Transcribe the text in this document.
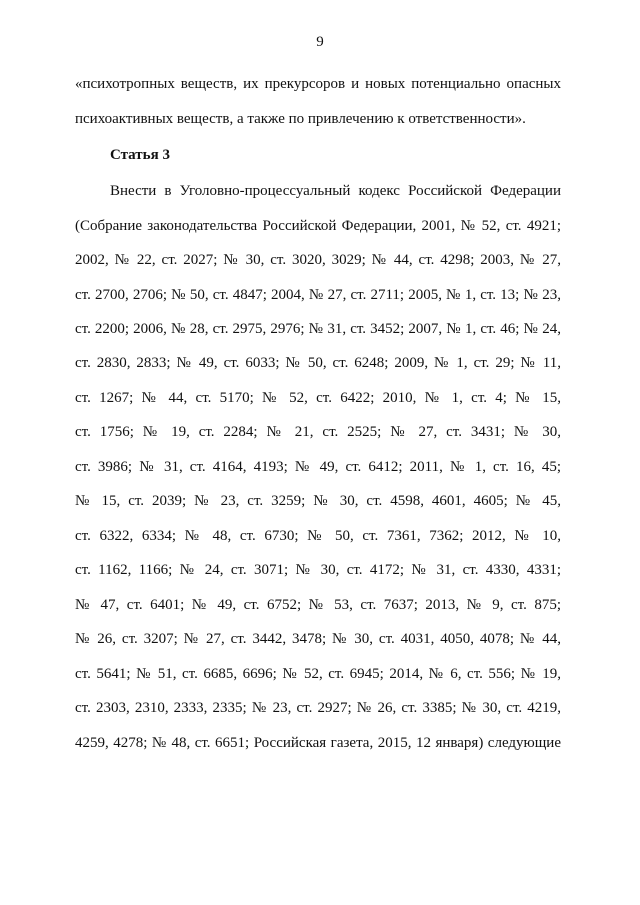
9
«психотропных веществ, их прекурсоров и новых потенциально опасных
психоактивных веществ, а также по привлечению к ответственности».
Статья 3
Внести в Уголовно-процессуальный кодекс Российской Федерации
(Собрание законодательства Российской Федерации, 2001, № 52, ст. 4921;
2002, № 22, ст. 2027; № 30, ст. 3020, 3029; № 44, ст. 4298; 2003, № 27,
ст. 2700, 2706; № 50, ст. 4847; 2004, № 27, ст. 2711; 2005, № 1, ст. 13; № 23,
ст. 2200; 2006, № 28, ст. 2975, 2976; № 31, ст. 3452; 2007, № 1, ст. 46; № 24,
ст. 2830, 2833; № 49, ст. 6033; № 50, ст. 6248; 2009, № 1, ст. 29; № 11,
ст. 1267; № 44, ст. 5170; № 52, ст. 6422; 2010, № 1, ст. 4; № 15,
ст. 1756; № 19, ст. 2284; № 21, ст. 2525; № 27, ст. 3431; № 30,
ст. 3986; № 31, ст. 4164, 4193; № 49, ст. 6412; 2011, № 1, ст. 16, 45;
№ 15, ст. 2039; № 23, ст. 3259; № 30, ст. 4598, 4601, 4605; № 45,
ст. 6322, 6334; № 48, ст. 6730; № 50, ст. 7361, 7362; 2012, № 10,
ст. 1162, 1166; № 24, ст. 3071; № 30, ст. 4172; № 31, ст. 4330, 4331;
№ 47, ст. 6401; № 49, ст. 6752; № 53, ст. 7637; 2013, № 9, ст. 875;
№ 26, ст. 3207; № 27, ст. 3442, 3478; № 30, ст. 4031, 4050, 4078; № 44,
ст. 5641; № 51, ст. 6685, 6696; № 52, ст. 6945; 2014, № 6, ст. 556; № 19,
ст. 2303, 2310, 2333, 2335; № 23, ст. 2927; № 26, ст. 3385; № 30, ст. 4219,
4259, 4278; № 48, ст. 6651; Российская газета, 2015, 12 января) следующие
